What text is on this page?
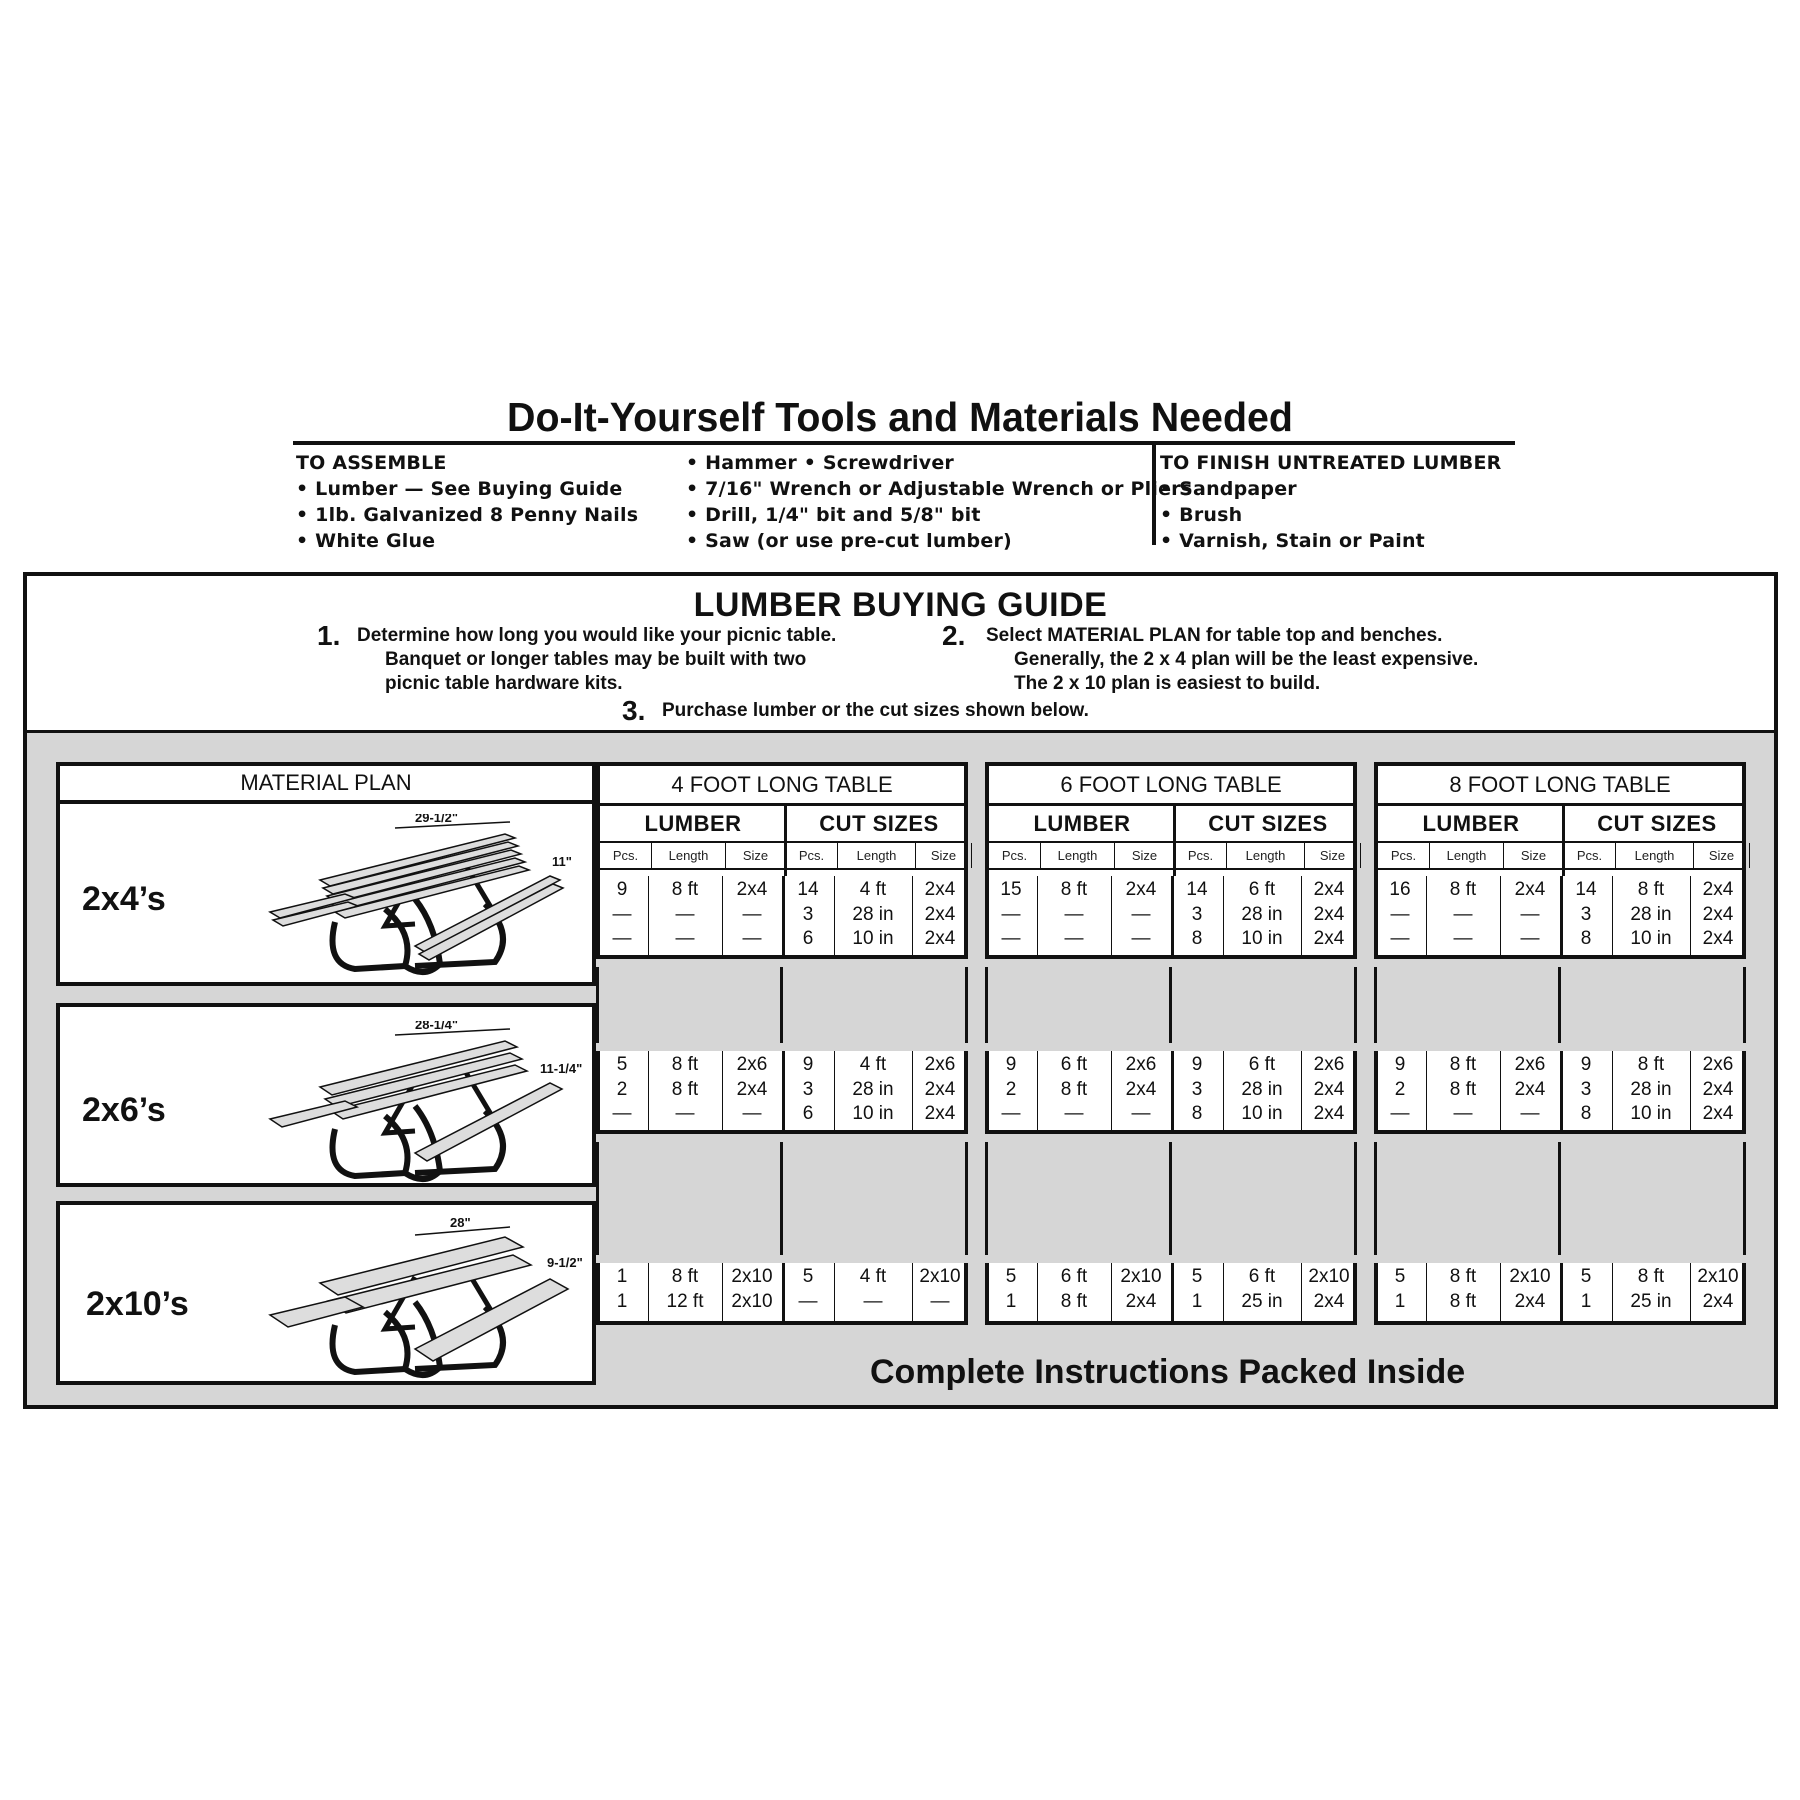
Do-It-Yourself Tools and Materials Needed
TO ASSEMBLE
• Lumber — See Buying Guide
• 1lb. Galvanized 8 Penny Nails
• White Glue
• Hammer • Screwdriver
• 7/16" Wrench or Adjustable Wrench or Pliers
• Drill, 1/4" bit and 5/8" bit
• Saw (or use pre-cut lumber)
TO FINISH UNTREATED LUMBER
• Sandpaper
• Brush
• Varnish, Stain or Paint
LUMBER BUYING GUIDE
1. Determine how long you would like your picnic table.
Banquet or longer tables may be built with two
picnic table hardware kits.
2. Select MATERIAL PLAN for table top and benches.
Generally, the 2 x 4 plan will be the least expensive.
The 2 x 10 plan is easiest to build.
3. Purchase lumber or the cut sizes shown below.
MATERIAL PLAN
2x4’s
29-1/2"
11"
2x6’s
28-1/4"
11-1/4"
2x10’s
28"
9-1/2"
4 FOOT LONG TABLE
LUMBER	CUT SIZES
Pcs.	Length	Size	Pcs.	Length	Size
9	8 ft	2x4	14	4 ft	2x4
—	—	—	3	28 in	2x4
—	—	—	6	10 in	2x4
5	8 ft	2x6	9	4 ft	2x6
2	8 ft	2x4	3	28 in	2x4
—	—	—	6	10 in	2x4
1	8 ft	2x10	5	4 ft	2x10
1	12 ft	2x10	—	—	—
6 FOOT LONG TABLE
LUMBER	CUT SIZES
Pcs.	Length	Size	Pcs.	Length	Size
15	8 ft	2x4	14	6 ft	2x4
—	—	—	3	28 in	2x4
—	—	—	8	10 in	2x4
9	6 ft	2x6	9	6 ft	2x6
2	8 ft	2x4	3	28 in	2x4
—	—	—	8	10 in	2x4
5	6 ft	2x10	5	6 ft	2x10
1	8 ft	2x4	1	25 in	2x4
8 FOOT LONG TABLE
LUMBER	CUT SIZES
Pcs.	Length	Size	Pcs.	Length	Size
16	8 ft	2x4	14	8 ft	2x4
—	—	—	3	28 in	2x4
—	—	—	8	10 in	2x4
9	8 ft	2x6	9	8 ft	2x6
2	8 ft	2x4	3	28 in	2x4
—	—	—	8	10 in	2x4
5	8 ft	2x10	5	8 ft	2x10
1	8 ft	2x4	1	25 in	2x4
Complete Instructions Packed Inside
